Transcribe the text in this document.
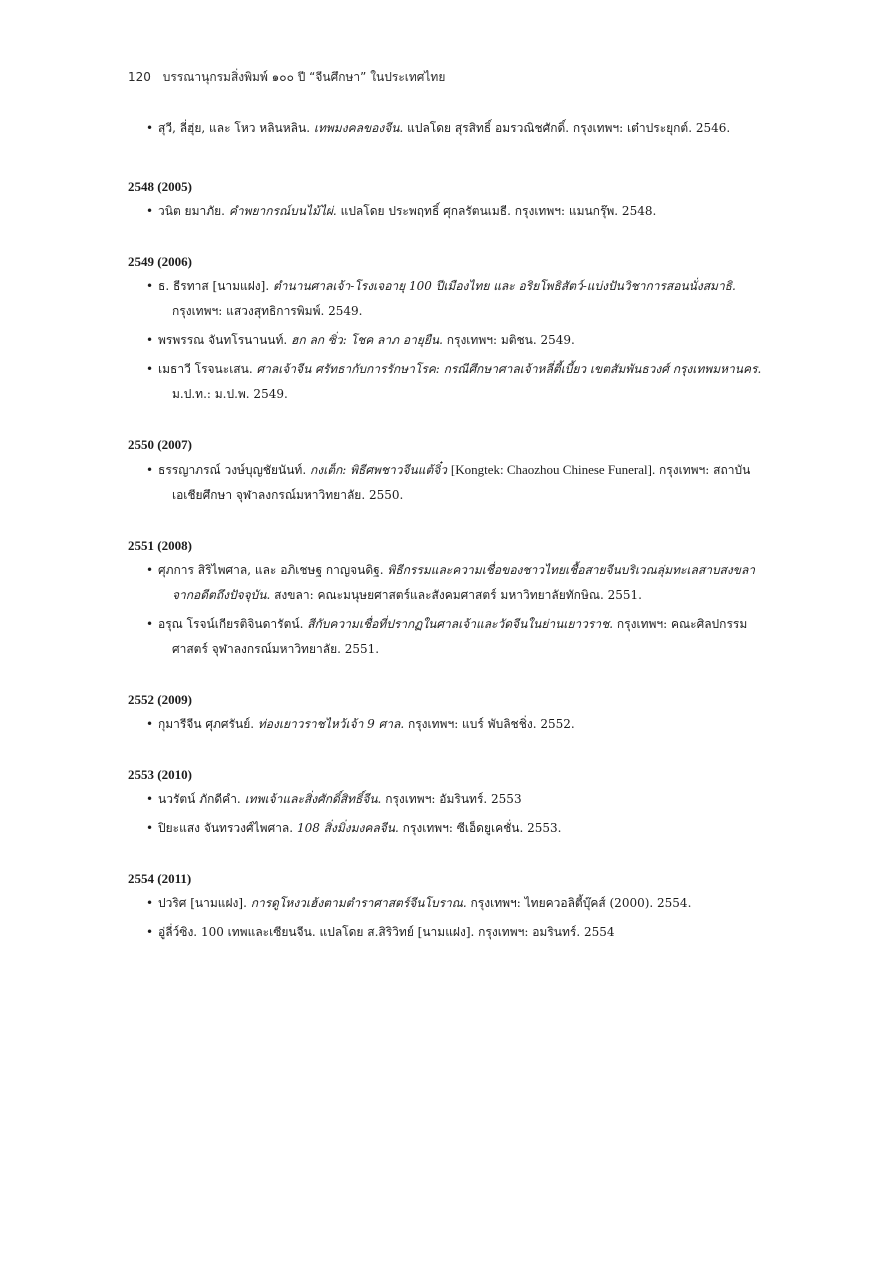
120 บรรณานุกรมสิ่งพิมพ์ ๑๐๐ ปี “จีนศึกษา” ในประเทศไทย
• สุวี, ลี่ฮุ่ย, และ โหว หลินหลิน. เทพมงคลของจีน. แปลโดย สุรสิทธิ์ อมรวณิชศักดิ์. กรุงเทพฯ: เต๋าประยุกต์. 2546.
2548 (2005)
• วนิต ยมาภัย. คำพยากรณ์บนไม้ไผ่. แปลโดย ประพฤทธิ์ ศุกลรัตนเมธี. กรุงเทพฯ: แมนกรุ๊พ. 2548.
2549 (2006)
• ธ. ธีรทาส [นามแฝง]. ตำนานศาลเจ้า-โรงเจอายุ 100 ปีเมืองไทย และ อริยโพธิสัตว์-แบ่งปันวิชาการสอนนั่งสมาธิ. กรุงเทพฯ: แสวงสุทธิการพิมพ์. 2549.
• พรพรรณ จันทโรนานนท์. ฮก ลก ซิ่ว: โชค ลาภ อายุยืน. กรุงเทพฯ: มติชน. 2549.
• เมธาวี โรจนะเสน. ศาลเจ้าจีน ศรัทธากับการรักษาโรค: กรณีศึกษาศาลเจ้าหลี่ตี้เบี้ยว เขตสัมพันธวงศ์ กรุงเทพมหานคร. ม.ป.ท.: ม.ป.พ. 2549.
2550 (2007)
• ธรรญาภรณ์ วงษ์บุญชัยนันท์. กงเต็ก: พิธีศพชาวจีนแต้จิ๋ว [Kongtek: Chaozhou Chinese Funeral]. กรุงเทพฯ: สถาบันเอเชียศึกษา จุฬาลงกรณ์มหาวิทยาลัย. 2550.
2551 (2008)
• ศุภการ สิริไพศาล, และ อภิเชษฐ กาญจนดิฐ. พิธีกรรมและความเชื่อของชาวไทยเชื้อสายจีนบริเวณลุ่มทะเลสาบสงขลา จากอดีตถึงปัจจุบัน. สงขลา: คณะมนุษยศาสตร์และสังคมศาสตร์ มหาวิทยาลัยทักษิณ. 2551.
• อรุณ โรจน์เกียรติจินดารัตน์. สีกับความเชื่อที่ปรากฏในศาลเจ้าและวัดจีนในย่านเยาวราช. กรุงเทพฯ: คณะศิลปกรรมศาสตร์ จุฬาลงกรณ์มหาวิทยาลัย. 2551.
2552 (2009)
• กุมารีจีน ศุภศรันย์. ท่องเยาวราชไหว้เจ้า 9 ศาล. กรุงเทพฯ: แบร์ พับลิชชิ่ง. 2552.
2553 (2010)
• นวรัตน์ ภักดีคำ. เทพเจ้าและสิ่งศักดิ์สิทธิ์จีน. กรุงเทพฯ: อัมรินทร์. 2553
• ปิยะแสง จันทรวงศ์ไพศาล. 108 สิ่งมิ่งมงคลจีน. กรุงเทพฯ: ซีเอ็ดยูเคชั่น. 2553.
2554 (2011)
• ปวริศ [นามแฝง]. การดูโหงวเฮ้งตามตำราศาสตร์จีนโบราณ. กรุงเทพฯ: ไทยควอลิตี้บุ๊คส์ (2000). 2554.
• อู่ลี่ว์ซิง. 100 เทพและเซียนจีน. แปลโดย ส.สิริวิทย์ [นามแฝง]. กรุงเทพฯ: อมรินทร์. 2554
